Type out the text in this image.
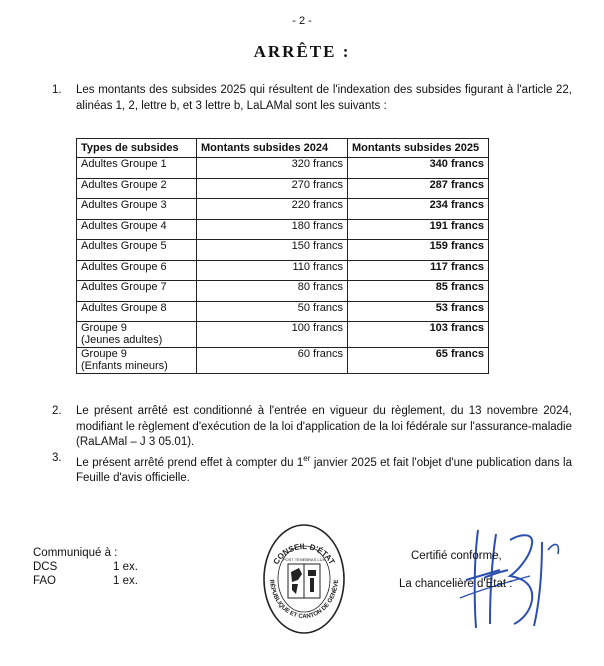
- 2 -
ARRÊTE :
1.	Les montants des subsides 2025 qui résultent de l'indexation des subsides figurant à l'article 22, alinéas 1, 2, lettre b, et 3 lettre b, LaLAMal sont les suivants :
Types de subsides	Montants subsides 2024	Montants subsides 2025
Adultes Groupe 1	320 francs	340 francs
Adultes Groupe 2	270 francs	287 francs
Adultes Groupe 3	220 francs	234 francs
Adultes Groupe 4	180 francs	191 francs
Adultes Groupe 5	150 francs	159 francs
Adultes Groupe 6	110 francs	117 francs
Adultes Groupe 7	80 francs	85 francs
Adultes Groupe 8	50 francs	53 francs
Groupe 9
(Jeunes adultes)	100 francs	103 francs
Groupe 9
(Enfants mineurs)	60 francs	65 francs
2.	Le présent arrêté est conditionné à l'entrée en vigueur du règlement, du 13 novembre 2024, modifiant le règlement d'exécution de la loi d'application de la loi fédérale sur l'assurance-maladie (RaLAMal – J 3 05.01).
3.	Le présent arrêté prend effet à compter du 1er janvier 2025 et fait l'objet d'une publication dans la Feuille d'avis officielle.
Communiqué à :
DCS	1 ex.
FAO	1 ex.
CONSEIL D'ÉTAT
RÉPUBLIQUE ET CANTON DE GENÈVE
POST TENEBRAS LUX	Certifié conforme,
La chancelière d'Etat :
